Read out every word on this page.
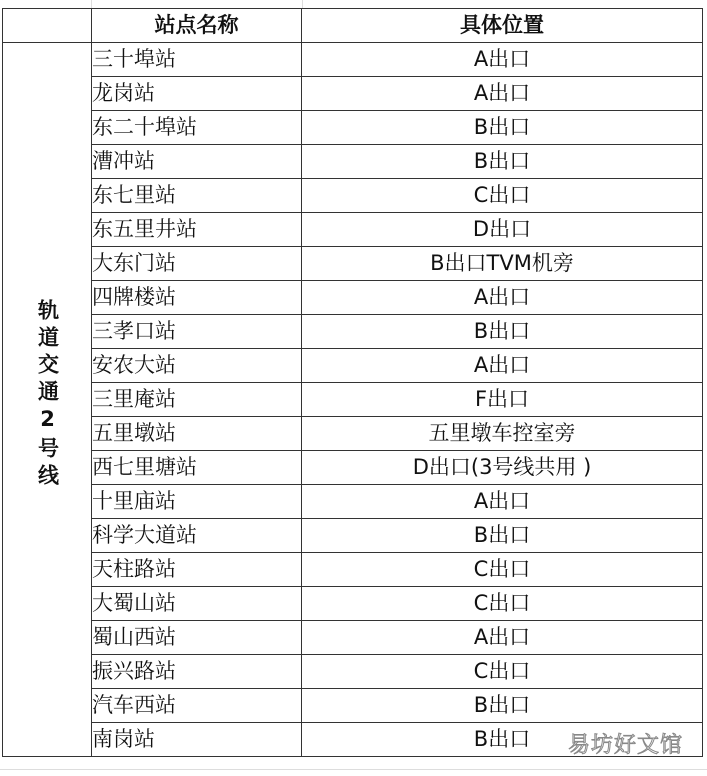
	站点名称	具体位置
轨道交通2号线	三十埠站	A出口
	龙岗站	A出口
	东二十埠站	B出口
	漕冲站	B出口
	东七里站	C出口
	东五里井站	D出口
	大东门站	B出口TVM机旁
	四牌楼站	A出口
	三孝口站	B出口
	安农大站	A出口
	三里庵站	F出口
	五里墩站	五里墩车控室旁
	西七里塘站	D出口(3号线共用 )
	十里庙站	A出口
	科学大道站	B出口
	天柱路站	C出口
	大蜀山站	C出口
	蜀山西站	A出口
	振兴路站	C出口
	汽车西站	B出口
	南岗站	B出口 易坊好文馆
